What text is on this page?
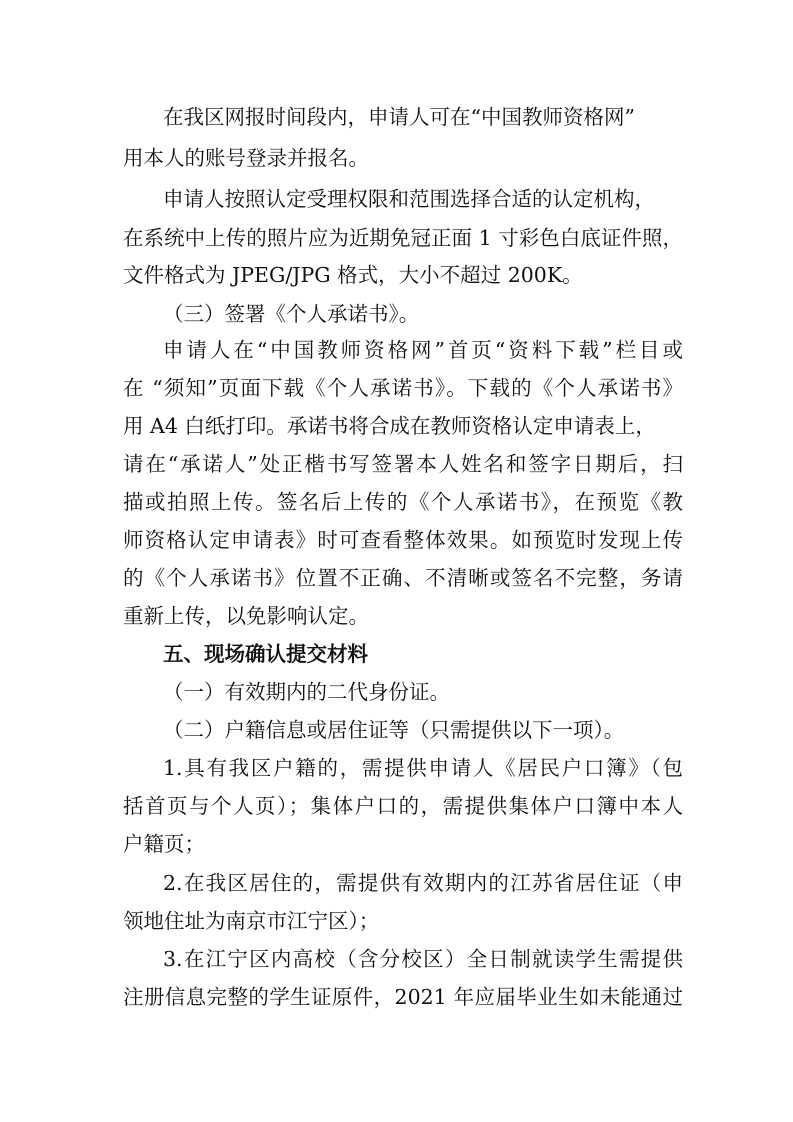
在我区网报时间段内，申请人可在“中国教师资格网”
用本人的账号登录并报名。
申请人按照认定受理权限和范围选择合适的认定机构，
在系统中上传的照片应为近期免冠正面 1 寸彩色白底证件照，
文件格式为 JPEG/JPG 格式，大小不超过 200K。
（三）签署《个人承诺书》。
申请人在“中国教师资格网”首页“资料下载”栏目或
在 “须知”页面下载《个人承诺书》。下载的《个人承诺书》
用 A4 白纸打印。承诺书将合成在教师资格认定申请表上，
请在“承诺人”处正楷书写签署本人姓名和签字日期后，扫
描或拍照上传。签名后上传的《个人承诺书》，在预览《教
师资格认定申请表》时可查看整体效果。如预览时发现上传
的《个人承诺书》位置不正确、不清晰或签名不完整，务请
重新上传，以免影响认定。
五、现场确认提交材料
（一）有效期内的二代身份证。
（二）户籍信息或居住证等（只需提供以下一项）。
1.具有我区户籍的，需提供申请人《居民户口簿》（包
括首页与个人页）；集体户口的，需提供集体户口簿中本人
户籍页；
2.在我区居住的，需提供有效期内的江苏省居住证（申
领地住址为南京市江宁区）；
3.在江宁区内高校（含分校区）全日制就读学生需提供
注册信息完整的学生证原件，2021 年应届毕业生如未能通过
